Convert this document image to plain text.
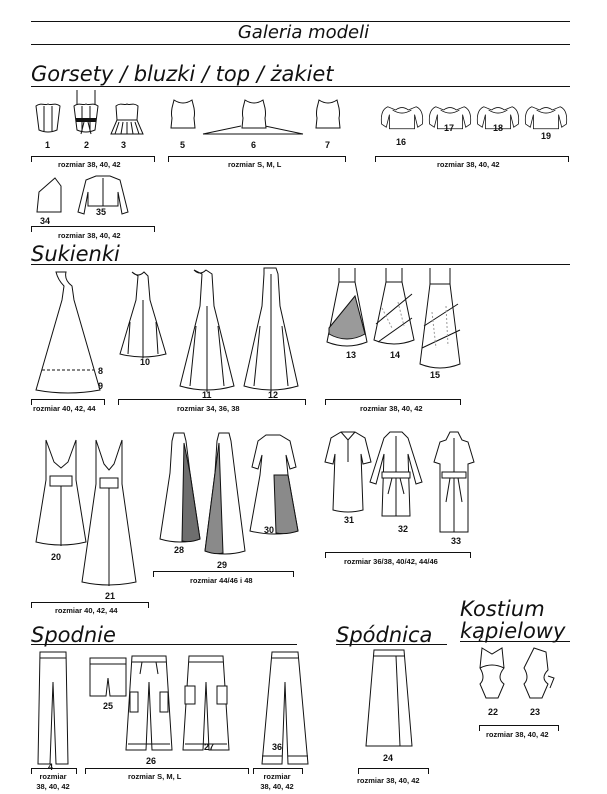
Galeria modeli
Gorsety / bluzki / top / żakiet
1	2	3
rozmiar 38, 40, 42
5	6	7
rozmiar S, M, L
16
17	18
19
rozmiar 38, 40, 42
34
35
rozmiar 38, 40, 42
Sukienki
8
9
rozmiar 40, 42, 44
10
11	12
rozmiar 34, 36, 38
13	14
15
rozmiar 38, 40, 42
20
21
rozmiar 40, 42, 44
28
29
30
rozmiar 44/46 i 48
31
32
33
rozmiar 36/38, 40/42, 44/46
Spodnie
4
rozmiar
38, 40, 42
25
26
27
rozmiar S, M, L
36
rozmiar
38, 40, 42
Spódnica
24
rozmiar 38, 40, 42
Kostium
kąpielowy
22	23
rozmiar 38, 40, 42
